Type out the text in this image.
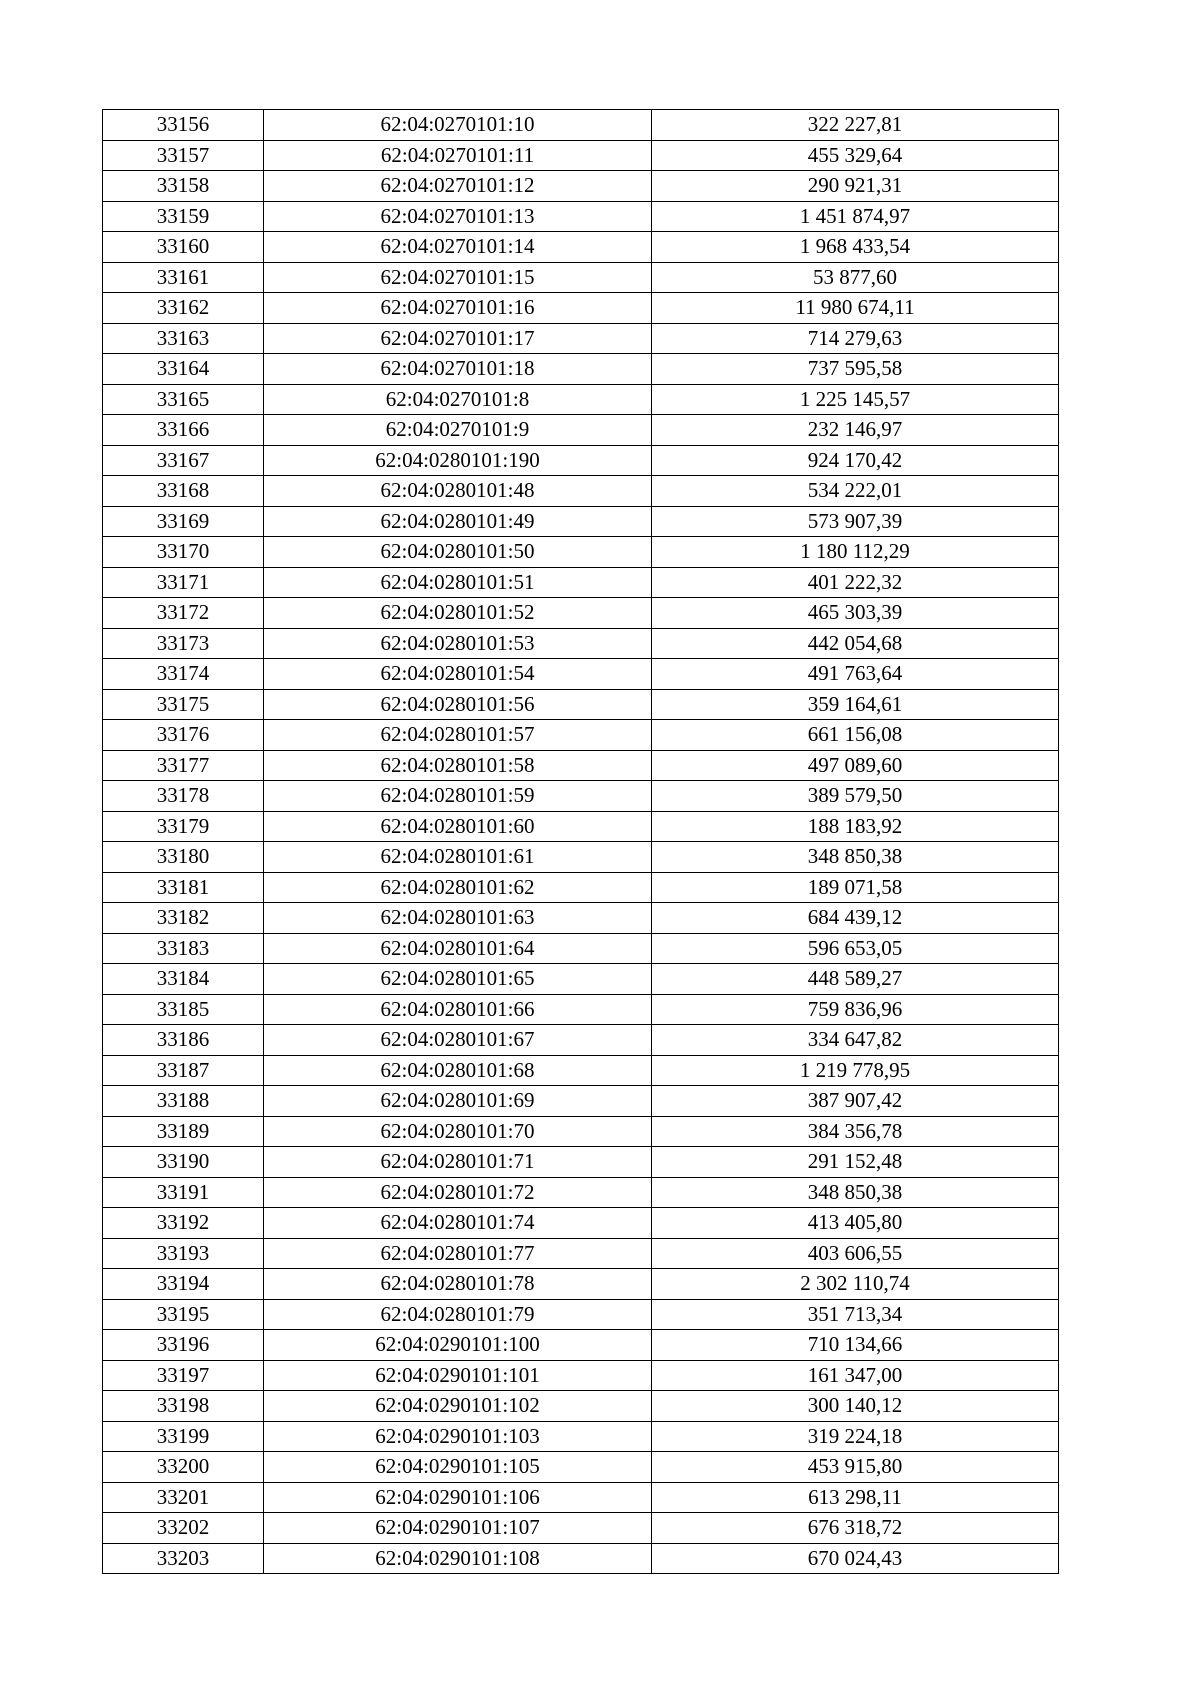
33156	62:04:0270101:10	322 227,81
33157	62:04:0270101:11	455 329,64
33158	62:04:0270101:12	290 921,31
33159	62:04:0270101:13	1 451 874,97
33160	62:04:0270101:14	1 968 433,54
33161	62:04:0270101:15	53 877,60
33162	62:04:0270101:16	11 980 674,11
33163	62:04:0270101:17	714 279,63
33164	62:04:0270101:18	737 595,58
33165	62:04:0270101:8	1 225 145,57
33166	62:04:0270101:9	232 146,97
33167	62:04:0280101:190	924 170,42
33168	62:04:0280101:48	534 222,01
33169	62:04:0280101:49	573 907,39
33170	62:04:0280101:50	1 180 112,29
33171	62:04:0280101:51	401 222,32
33172	62:04:0280101:52	465 303,39
33173	62:04:0280101:53	442 054,68
33174	62:04:0280101:54	491 763,64
33175	62:04:0280101:56	359 164,61
33176	62:04:0280101:57	661 156,08
33177	62:04:0280101:58	497 089,60
33178	62:04:0280101:59	389 579,50
33179	62:04:0280101:60	188 183,92
33180	62:04:0280101:61	348 850,38
33181	62:04:0280101:62	189 071,58
33182	62:04:0280101:63	684 439,12
33183	62:04:0280101:64	596 653,05
33184	62:04:0280101:65	448 589,27
33185	62:04:0280101:66	759 836,96
33186	62:04:0280101:67	334 647,82
33187	62:04:0280101:68	1 219 778,95
33188	62:04:0280101:69	387 907,42
33189	62:04:0280101:70	384 356,78
33190	62:04:0280101:71	291 152,48
33191	62:04:0280101:72	348 850,38
33192	62:04:0280101:74	413 405,80
33193	62:04:0280101:77	403 606,55
33194	62:04:0280101:78	2 302 110,74
33195	62:04:0280101:79	351 713,34
33196	62:04:0290101:100	710 134,66
33197	62:04:0290101:101	161 347,00
33198	62:04:0290101:102	300 140,12
33199	62:04:0290101:103	319 224,18
33200	62:04:0290101:105	453 915,80
33201	62:04:0290101:106	613 298,11
33202	62:04:0290101:107	676 318,72
33203	62:04:0290101:108	670 024,43
